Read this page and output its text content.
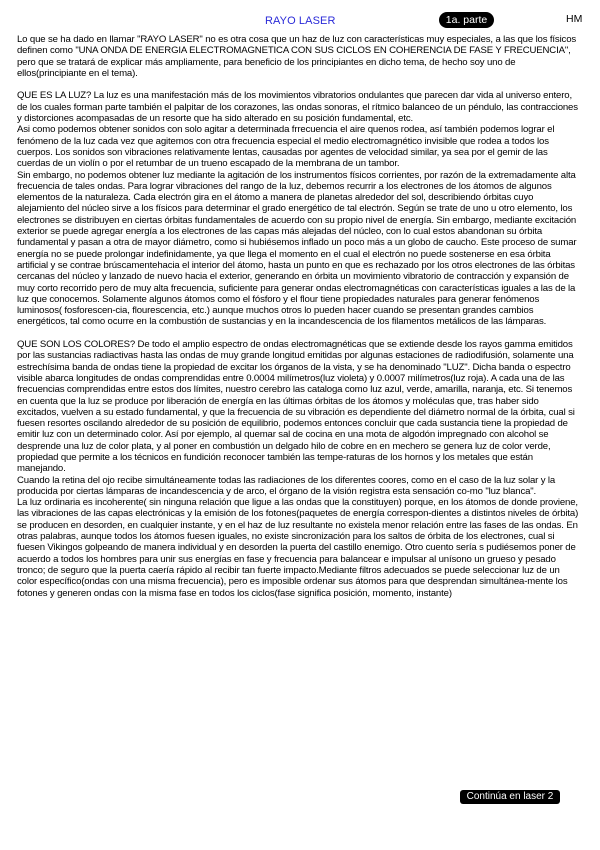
RAYO LASER	1a. parte	HM

Lo que se ha dado en llamar "RAYO LASER" no es otra cosa que un haz de luz con características muy especiales, a las que los físicos definen como "UNA ONDA DE ENERGIA ELECTROMAGNETICA CON SUS CICLOS EN COHERENCIA DE FASE Y FRECUENCIA", pero que se tratará de explicar más ampliamente, para beneficio de los principiantes en dicho tema, de hecho soy uno de ellos(principiante en el tema).

QUE ES LA LUZ? La luz es una manifestación más de los movimientos vibratorios ondulantes que parecen dar vida al universo entero, de los cuales forman parte también el palpitar de los corazones, las ondas sonoras, el rítmico balanceo de un péndulo, las contracciones y distorciones acompasadas de un resorte que ha sido alterado en su posición fundamental, etc.

Asi como podemos obtener sonidos con solo agitar a determinada frrecuencia el aire quenos rodea, así también podemos lograr el fenómeno de la luz cada vez que agitemos con otra frecuencia especial el medio electromagnético invisible que rodea a todos los cuerpos. Los sonidos son vibraciones relativamente lentas, causadas por agentes de velocidad similar, ya sea por el gemir de las cuerdas de un violín o por el retumbar de un trueno escapado de la membrana de un tambor.

Sin embargo, no podemos obtener luz mediante la agitación de los instrumentos físicos corrientes, por razón de la extremadamente alta frecuencia de tales ondas. Para lograr vibraciones del rango de la luz, debemos recurrir a los electrones de los átomos de algunos elementos de la naturaleza. Cada electrón gira en el átomo a manera de planetas alrededor del sol, describiendo órbitas cuyo alejamiento del núcleo sirve a los físicos para determinar el grado energético de tal electrón. Según se trate de uno u otro elemento, los electrones se distribuyen en ciertas órbitas fundamentales de acuerdo con su propio nivel de energía. Sin embargo, mediante excitación exterior se puede agregar energía a los electrones de las capas más alejadas del núcleo, con lo cual estos abandonan su órbita fundamental y pasan a otra de mayor diámetro, como si hubiésemos inflado un poco más a un globo de caucho. Este proceso de sumar energía no se puede prolongar indefinidamente, ya que llega el momento en el cual el electrón no puede sostenerse en esa órbita artificial y se contrae brúscamentehacia el interior del átomo, hasta un punto en que es rechazado por los otros electrones de las órbitas cercanas del núcleo y lanzado de nuevo hacia el exterior, generando en órbita un movimiento vibratorio de contracción y expansión de muy corto recorrido pero de muy alta frecuencia, suficiente para generar ondas electromagnéticas con características iguales a las de la luz que conocemos. Solamente algunos átomos como el fósforo y el flour tiene propiedades naturales para generar fenómenos luminosos( fosforescen-cia, flourescencia, etc.) aunque muchos otros lo pueden hacer cuando se presentan grandes cambios energéticos, tal como ocurre en la combustión de sustancias y en la incandescencia de los filamentos metálicos de las lámparas.

QUE SON LOS COLORES? De todo el amplio espectro de ondas electromagnéticas que se extiende desde los rayos gamma emitidos por las sustancias radiactivas hasta las ondas de muy grande longitud emitidas por algunas estaciones de radiodifusión, solamente una estrechísima banda de ondas tiene la propiedad de excitar los órganos de la vista, y se ha denominado "LUZ". Dicha banda o espectro visible abarca longitudes de ondas comprendidas entre 0.0004 milímetros(luz violeta) y 0.0007 milímetros(luz roja). A cada una de las frecuencias comprendidas entre estos dos límites, nuestro cerebro las cataloga como luz azul, verde, amarilla, naranja, etc. Si tenemos en cuenta que la luz se produce por liberación de energía en las últimas órbitas de los átomos y moléculas que, tras haber sido excitados, vuelven a su estado fundamental, y que la frecuencia de su vibración es dependiente del diámetro normal de la órbita, cual si fuesen resortes oscilando alrededor de su posición de equilibrio, podemos entonces concluir que cada sustancia tiene la propiedad de emitir luz con un determinado color. Así por ejemplo, al quemar sal de cocina en una mota de algodón impregnado con alcohol se desprende una luz de color plata, y al poner en combustión un delgado hilo de cobre en en mechero se genera luz de color verde, propiedad que permite a los técnicos en fundición reconocer también las tempe-raturas de los hornos y los metales que están manejando.

Cuando la retina del ojo recibe simultáneamente todas las radiaciones de los diferentes coores, como en el caso de la luz solar y la producida por ciertas lámparas de incandescencia y de arco, el órgano de la visión registra esta sensación co-mo "luz blanca".

La luz ordinaria es incoherente( sin ninguna relación que ligue a las ondas que la constituyen) porque, en los átomos de donde proviene, las vibraciones de las capas electrónicas y la emisión de los fotones(paquetes de energía correspon-dientes a distintos niveles de órbita) se producen en desorden, en cualquier instante, y en el haz de luz resultante no existela menor relación entre las fases de las ondas. En otras palabras, aunque todos los átomos fuesen iguales, no existe sincronización para los saltos de órbita de los electrones, cual si fuesen Vikingos golpeando de manera individual y en desorden la puerta del castillo enemigo. Otro cuento sería s pudiésemos poner de acuerdo a todos los hombres para unir sus energías en fase y frecuencia para balancear e impulsar al unísono un grueso y pesado tronco; de seguro que la puerta caería rápido al recibir tan fuerte impacto.Mediante filtros adecuados se puede seleccionar luz de un color específico(ondas con una misma frecuencia), pero es imposible ordenar sus átomos para que desprendan simultánea-mente los fotones y generen ondas con la misma fase en todos los ciclos(fase significa posición, momento, instante)

Continúa en laser 2
